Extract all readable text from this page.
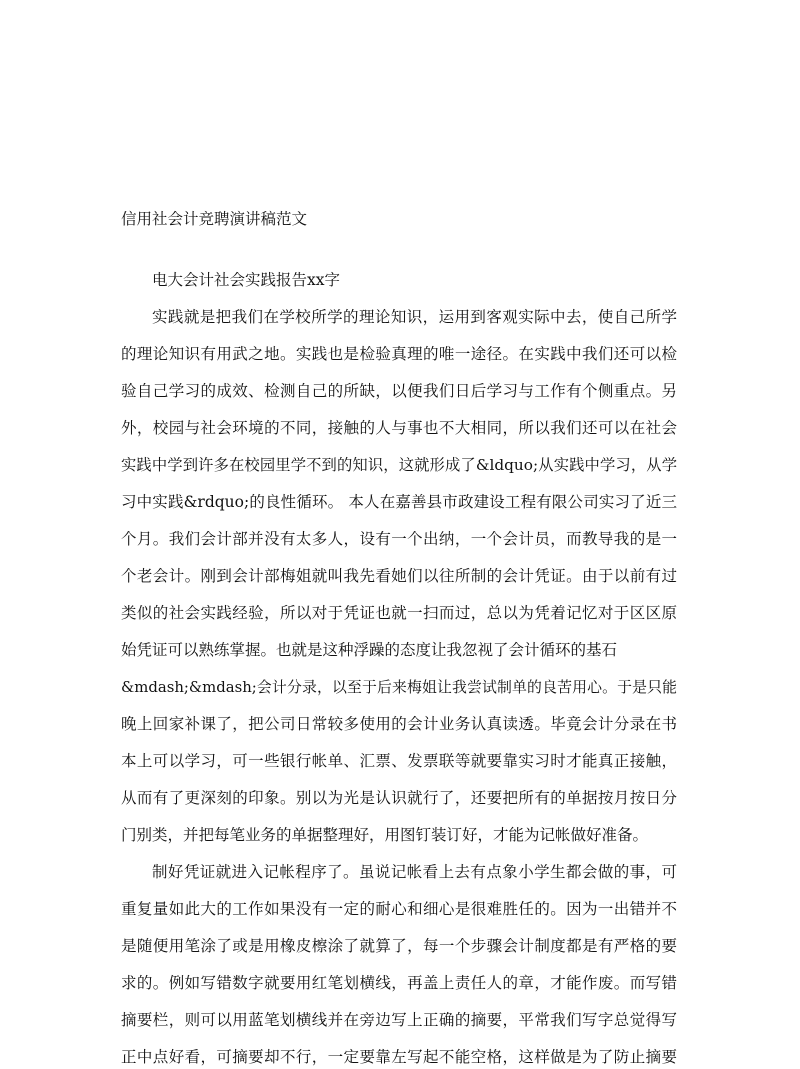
信用社会计竞聘演讲稿范文
电大会计社会实践报告xx字
实践就是把我们在学校所学的理论知识，运用到客观实际中去，使自己所学
的理论知识有用武之地。实践也是检验真理的唯一途径。在实践中我们还可以检
验自己学习的成效、检测自己的所缺，以便我们日后学习与工作有个侧重点。另
外，校园与社会环境的不同，接触的人与事也不大相同，所以我们还可以在社会
实践中学到许多在校园里学不到的知识，这就形成了&ldquo;从实践中学习，从学
习中实践&rdquo;的良性循环。 本人在嘉善县市政建设工程有限公司实习了近三
个月。我们会计部并没有太多人，设有一个出纳，一个会计员，而教导我的是一
个老会计。刚到会计部梅姐就叫我先看她们以往所制的会计凭证。由于以前有过
类似的社会实践经验，所以对于凭证也就一扫而过，总以为凭着记忆对于区区原
始凭证可以熟练掌握。也就是这种浮躁的态度让我忽视了会计循环的基石
&mdash;&mdash;会计分录，以至于后来梅姐让我尝试制单的良苦用心。于是只能
晚上回家补课了，把公司日常较多使用的会计业务认真读透。毕竟会计分录在书
本上可以学习，可一些银行帐单、汇票、发票联等就要靠实习时才能真正接触，
从而有了更深刻的印象。别以为光是认识就行了，还要把所有的单据按月按日分
门别类，并把每笔业务的单据整理好，用图钉装订好，才能为记帐做好准备。
制好凭证就进入记帐程序了。虽说记帐看上去有点象小学生都会做的事，可
重复量如此大的工作如果没有一定的耐心和细心是很难胜任的。因为一出错并不
是随便用笔涂了或是用橡皮檫涂了就算了，每一个步骤会计制度都是有严格的要
求的。例如写错数字就要用红笔划横线，再盖上责任人的章，才能作废。而写错
摘要栏，则可以用蓝笔划横线并在旁边写上正确的摘要，平常我们写字总觉得写
正中点好看，可摘要却不行，一定要靠左写起不能空格，这样做是为了防止摘要
